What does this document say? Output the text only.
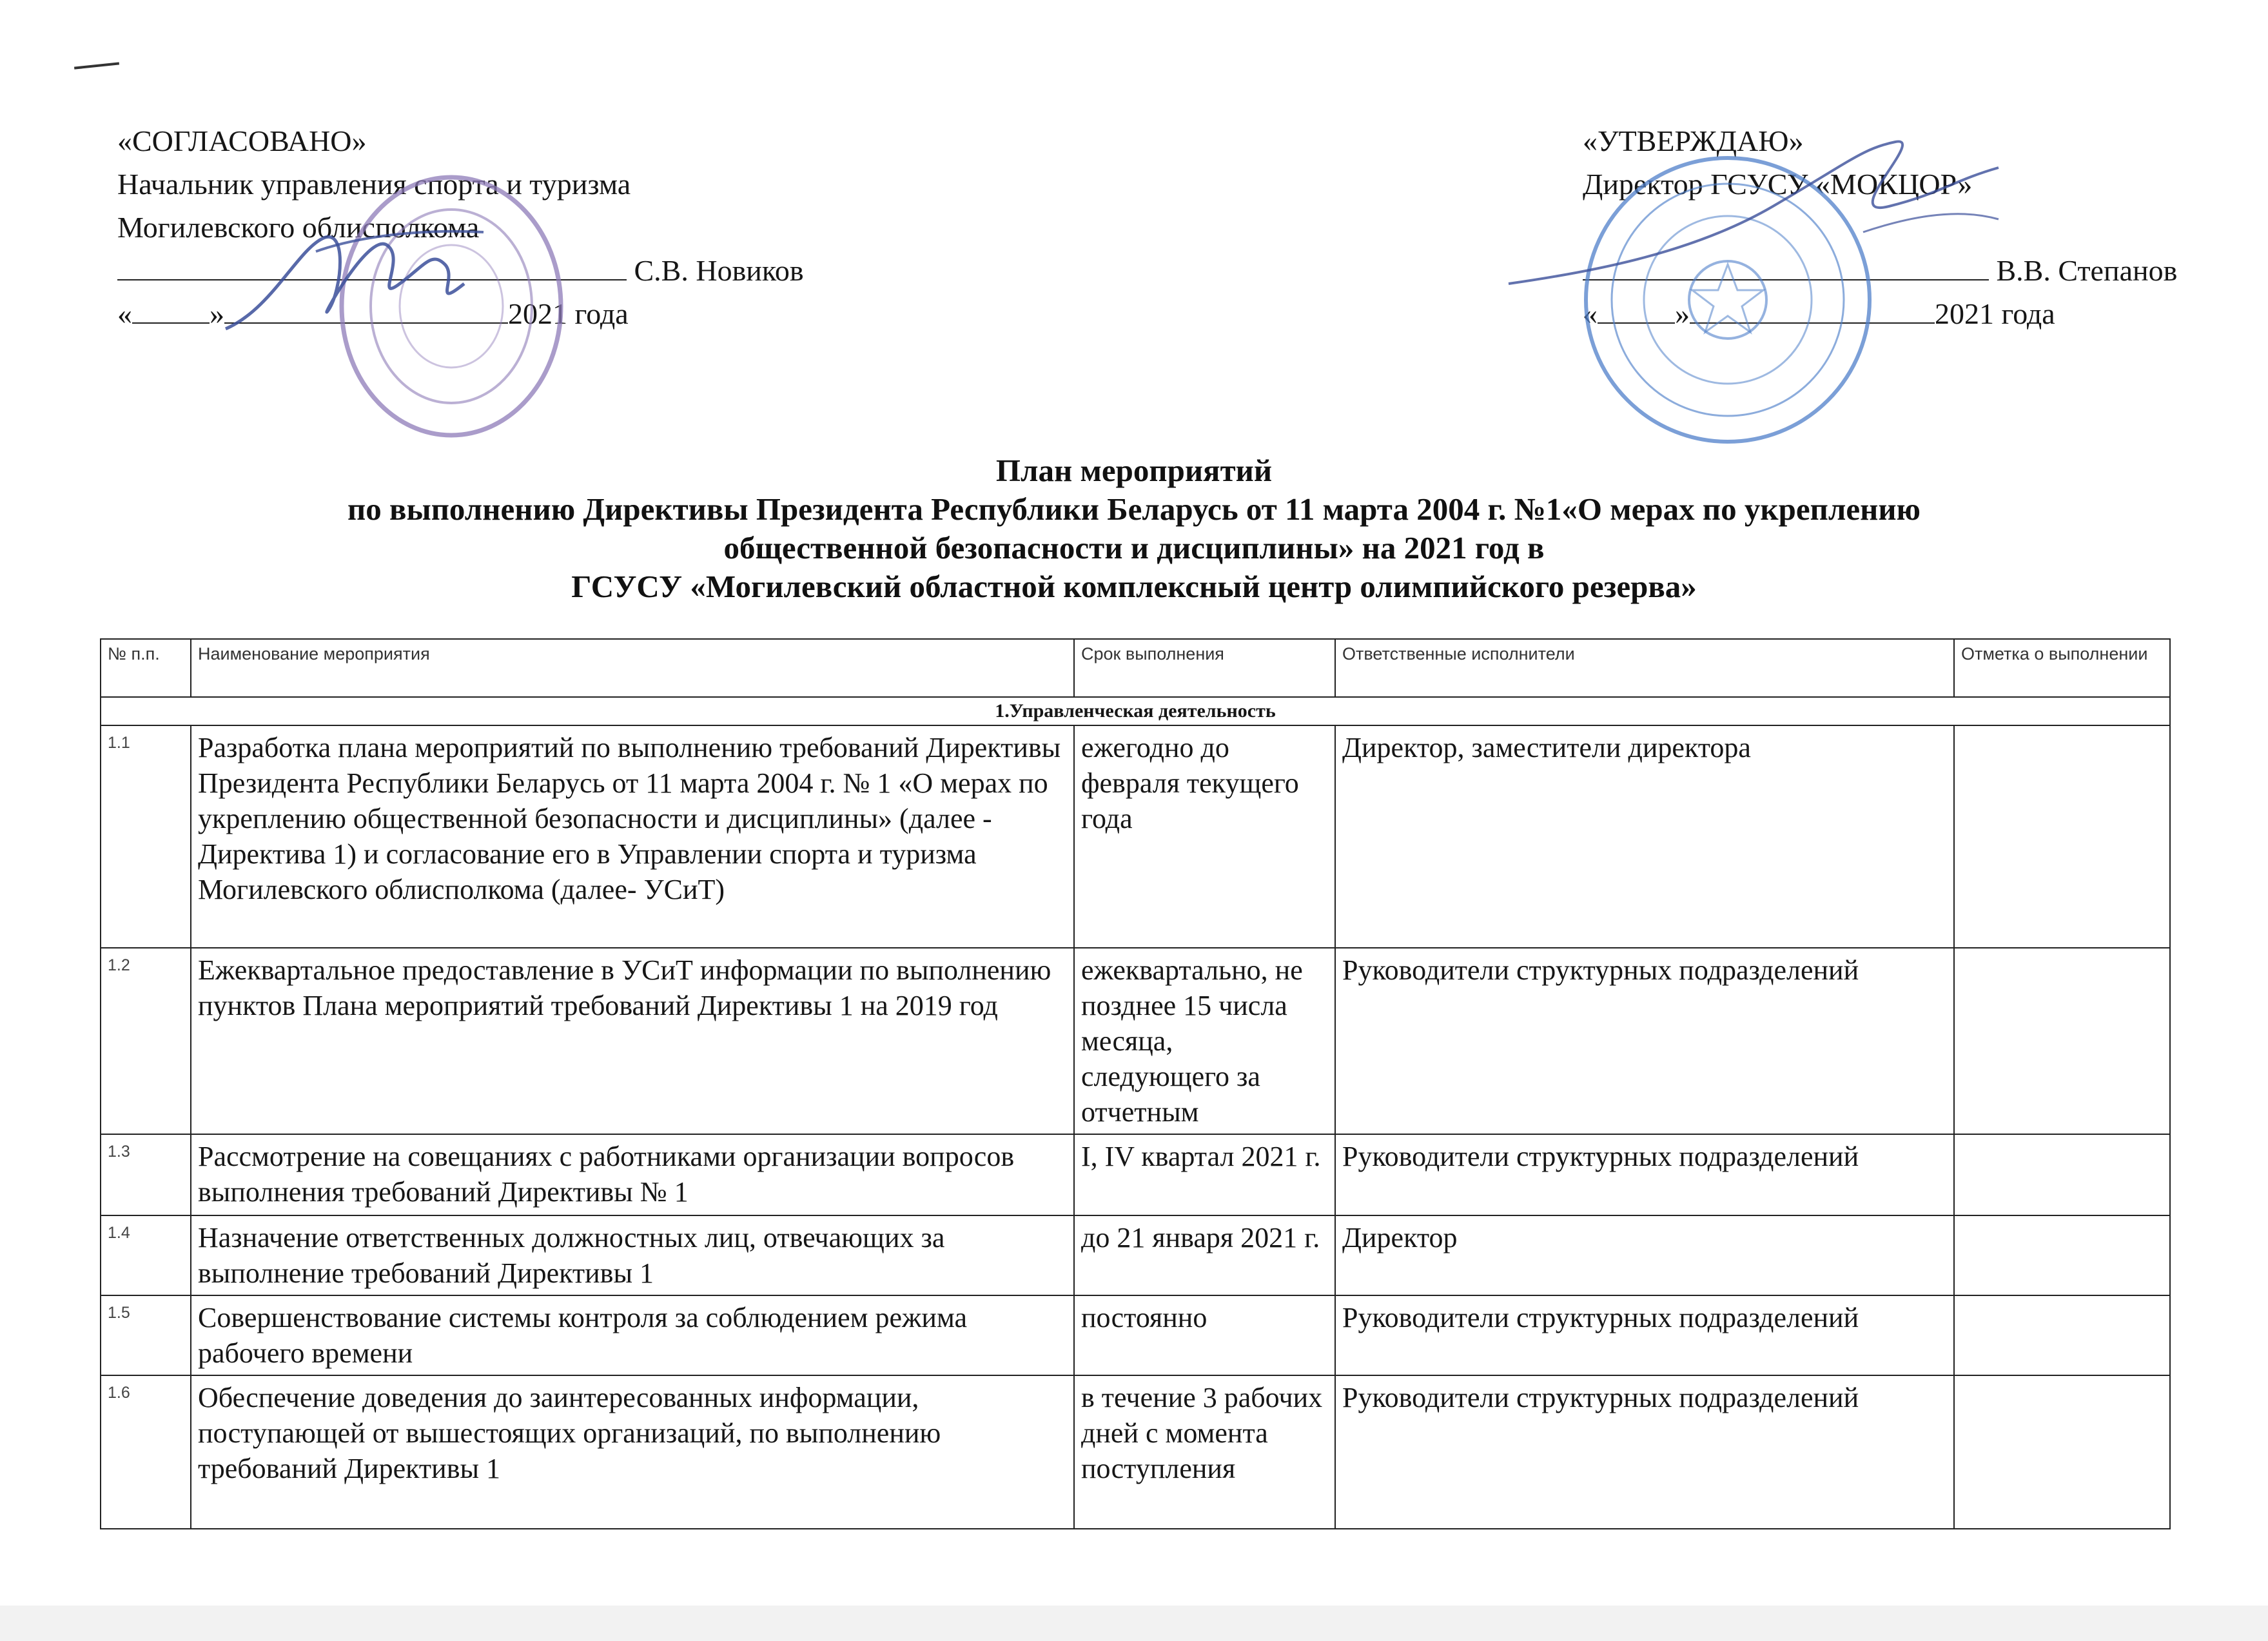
«СОГЛАСОВАНО»
Начальник управления спорта и туризма
Могилевского облисполкома
С.В. Новиков
«	»	2021 года
«УТВЕРЖДАЮ»
Директор ГСУСУ «МОКЦОР»
В.В. Степанов
«	»	2021 года
План мероприятий
по выполнению Директивы Президента Республики Беларусь от 11 марта 2004 г. №1«О мерах по укреплению
общественной безопасности и дисциплины» на 2021 год в
ГСУСУ «Могилевский областной комплексный центр олимпийского резерва»
№ п.п.	Наименование мероприятия	Срок выполнения	Ответственные исполнители	Отметка о выполнении
1.Управленческая деятельность				
1.1	Разработка плана мероприятий по выполнению требований Директивы Президента Республики Беларусь от 11 марта 2004 г. № 1 «О мерах по укреплению общественной безопасности и дисциплины» (далее - Директива 1) и согласование его в Управлении спорта и туризма Могилевского облисполкома (далее- УСиТ)	ежегодно до февраля текущего года	Директор, заместители директора	
1.2	Ежеквартальное предоставление в УСиТ информации по выполнению пунктов Плана мероприятий требований Директивы 1 на 2019 год	ежеквартально, не позднее 15 числа месяца, следующего за отчетным	Руководители структурных подразделений	
1.3	Рассмотрение на совещаниях с работниками организации вопросов выполнения требований Директивы № 1	I, IV квартал 2021 г.	Руководители структурных подразделений	
1.4	Назначение ответственных должностных лиц, отвечающих за выполнение требований Директивы 1	до 21 января 2021 г.	Директор	
1.5	Совершенствование системы контроля за соблюдением режима рабочего времени	постоянно	Руководители структурных подразделений	
1.6	Обеспечение доведения до заинтересованных информации, поступающей от вышестоящих организаций, по выполнению требований Директивы 1	в течение 3 рабочих дней с момента поступления	Руководители структурных подразделений	
